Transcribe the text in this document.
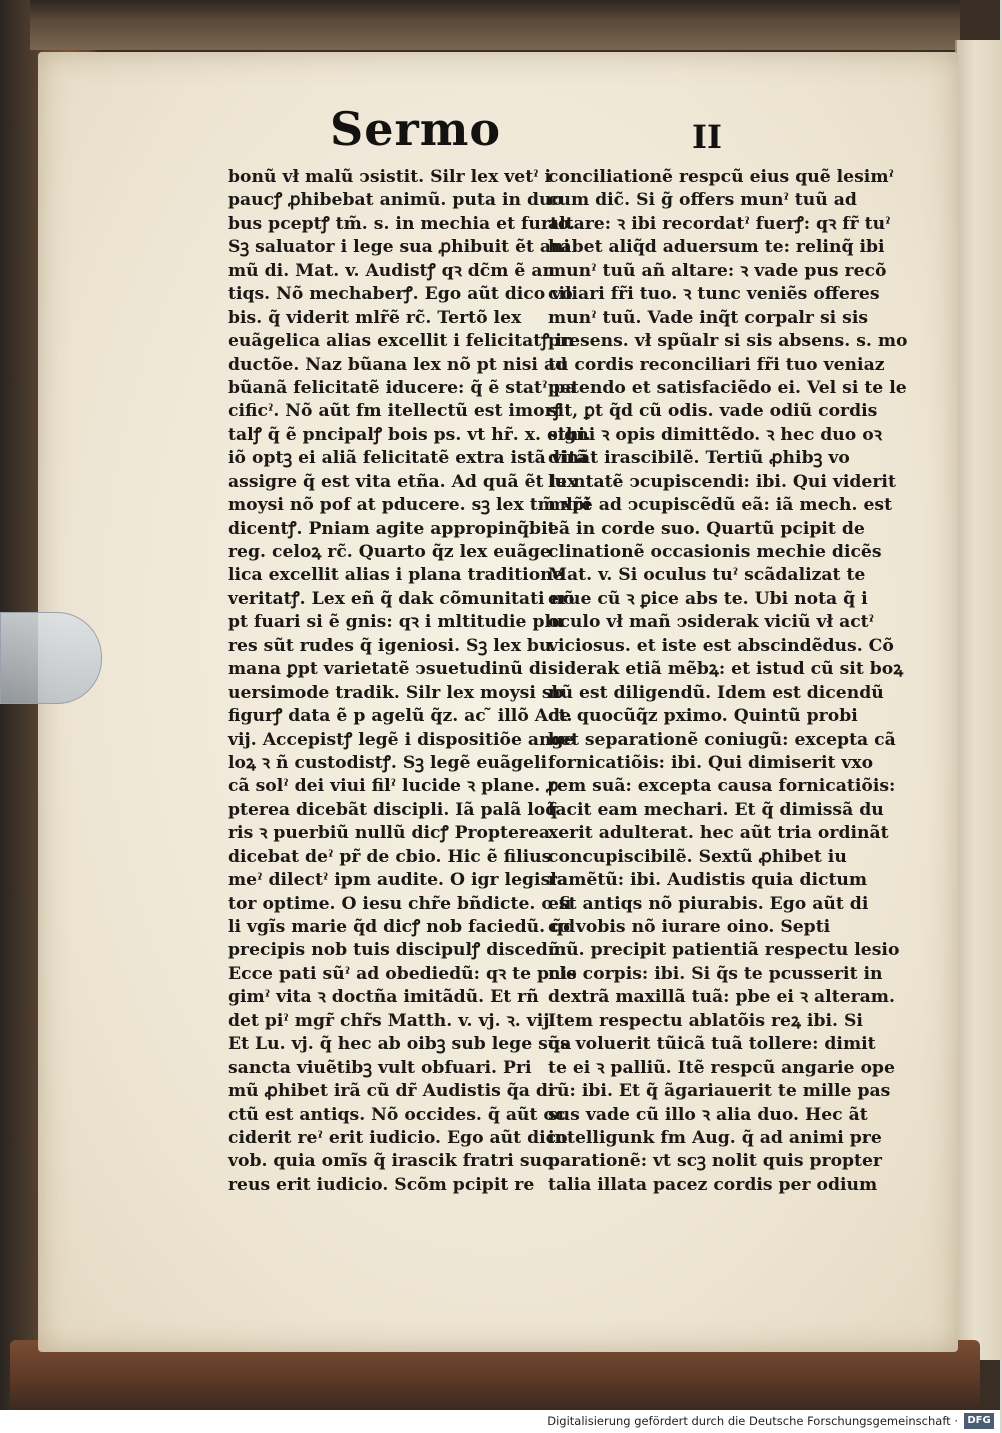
Sermo	II
bonũ vł malũ ↄsistit. Silr lex vetˀ i
paucꝭ ꝓhibebat animũ. puta in duo
bus pceptꝭ tm̃. s. in mechia et furto.
Sꝫ saluator i lege sua ꝓhibuit ẽt ani
mũ di. Mat. v. Audistꝭ qꝛ dc̃m ẽ an
tiqs. Nõ mechaberꝭ. Ego aũt dico vo
bis. q̃ viderit mlr̃ẽ rc̃. Tertõ lex
euãgelica alias excellit i felicitatꝭ in
ductõe. Naz bũana lex nõ pt nisi ad
bũanã felicitatẽ iducere: q̃ ẽ statˀ pa
cificˀ. Nõ aũt fm itellectũ est imorꝭ
talꝭ q̃ ẽ pncipalꝭ bois ps. vt hr̃. x. ethi.
iõ optꝫ ei aliã felicitatẽ extra istã vitã
assigre q̃ est vita etña. Ad quã ẽt lex
moysi nõ pof at pducere. sꝫ lex tm̃ xpi
dicentꝭ. Pniam agite appropinq̃bit
reg. celoꝝ rc̃. Quarto q̃z lex euãge
lica excellit alias i plana traditione
veritatꝭ. Lex eñ q̃ dak cõmunitati nõ
pt fuari si ẽ gnis: qꝛ i mltitudie plu
res sũt rudes q̃ igeniosi. Sꝫ lex bu
mana ꝑpt varietatẽ ↄsuetudinũ di
uersimode tradik. Silr lex moysi sb
figurꝭ data ẽ p agelũ q̃z. ac ̃ illõ Act.
vij. Accepistꝭ legẽ i dispositiõe ange
loꝝ ꝛ ñ custodistꝭ. Sꝫ legẽ euãgeli
cã solˀ dei viui filˀ lucide ꝛ plane. ꝓ
pterea dicebãt discipli. Iã palã loq̃
ris ꝛ puerbiũ nullũ dicꝭ Propterea
dicebat deˀ pr̃ de cbio. Hic ẽ filius
meˀ dilectˀ ipm audite. O igr legisla
tor optime. O iesu chr̃e bñdicte. o fi
li vgĩs marie q̃d dicꝭ nob faciedũ. q̃d
precipis nob tuis discipulꝭ discedũ:
Ecce pati sũˀ ad obediedũ: qꝛ te pcle
gimˀ vita ꝛ doctña imitãdũ. Et rñ
det piˀ mgr̃ chr̃s Matth. v. vj. ꝛ. vij
Et Lu. vj. q̃ hec ab oibꝫ sub lege sua
sancta viuẽtibꝫ vult obfuari. Pri
mũ ꝓhibet irã cũ dr̃ Audistis q̃a di
ctũ est antiqs. Nõ occides. q̃ aũt oc
ciderit reˀ erit iudicio. Ego aũt dico
vob. quia omĩs q̃ irascik fratri suo:
reus erit iudicio. Scõm pcipit re
conciliationẽ respcũ eius quẽ lesimˀ
cum dic̃. Si g̃ offers munˀ tuũ ad
altare: ꝛ ibi recordatˀ fuerꝭ: qꝛ fr̃ tuˀ
habet aliq̃d aduersum te: relinq̃ ibi
munˀ tuũ añ altare: ꝛ vade pus recõ
ciliari fr̃i tuo. ꝛ tunc veniẽs offeres
munˀ tuũ. Vade inq̃t corpalr si sis
presens. vł spũalr si sis absens. s. mo
tu cordis reconciliari fr̃i tuo veniaz
petendo et satisfaciẽdo ei. Vel si te le
sit, ꝑt q̃d cũ odis. vade odiũ cordis
signi ꝛ opis dimittẽdo. ꝛ hec duo oꝛ
dinãt irascibilẽ. Tertiũ ꝓhibꝫ vo
lu ntatẽ ↄcupiscendi: ibi. Qui viderit
mlr̃ẽ ad ↄcupiscẽdũ eã: iã mech. est
eã in corde suo. Quartũ pcipit de
clinationẽ occasionis mechie dicẽs
Mat. v. Si oculus tuˀ scãdalizat te
erue cũ ꝛ ꝑice abs te. Ubi nota q̃ i
oculo vł mañ ↄsiderak viciũ vł actˀ
viciosus. et iste est abscindẽdus. Cõ
siderak etiã mẽbꝝ: et istud cũ sit boꝝ
nũ est diligendũ. Idem est dicendũ
de quocũq̃z pximo. Quintũ probi
bet separationẽ coniugũ: excepta cã
fornicatiõis: ibi. Qui dimiserit vxo
rem suã: excepta causa fornicatiõis:
facit eam mechari. Et q̃ dimissã du
xerit adulterat. hec aũt tria ordinãt
concupiscibilẽ. Sextũ ꝓhibet iu
ramẽtũ: ibi. Audistis quia dictum
est antiqs nõ piurabis. Ego aũt di
co vobis nõ iurare oino. Septi
mũ. precipit patientiã respectu lesio
nis corpis: ibi. Si q̃s te pcusserit in
dextrã maxillã tuã: pbe ei ꝛ alteram.
Item respectu ablatõis reꝝ ibi. Si
q̃s voluerit tũicã tuã tollere: dimit
te ei ꝛ palliũ. Itẽ respcũ angarie ope
rũ: ibi. Et q̃ ãgariauerit te mille pas
sus vade cũ illo ꝛ alia duo. Hec ãt
intelligunk fm Aug. q̃ ad animi pre
parationẽ: vt scꝫ nolit quis propter
talia illata pacez cordis per odium
Digitalisierung gefördert durch die Deutsche Forschungsgemeinschaft · DFG
